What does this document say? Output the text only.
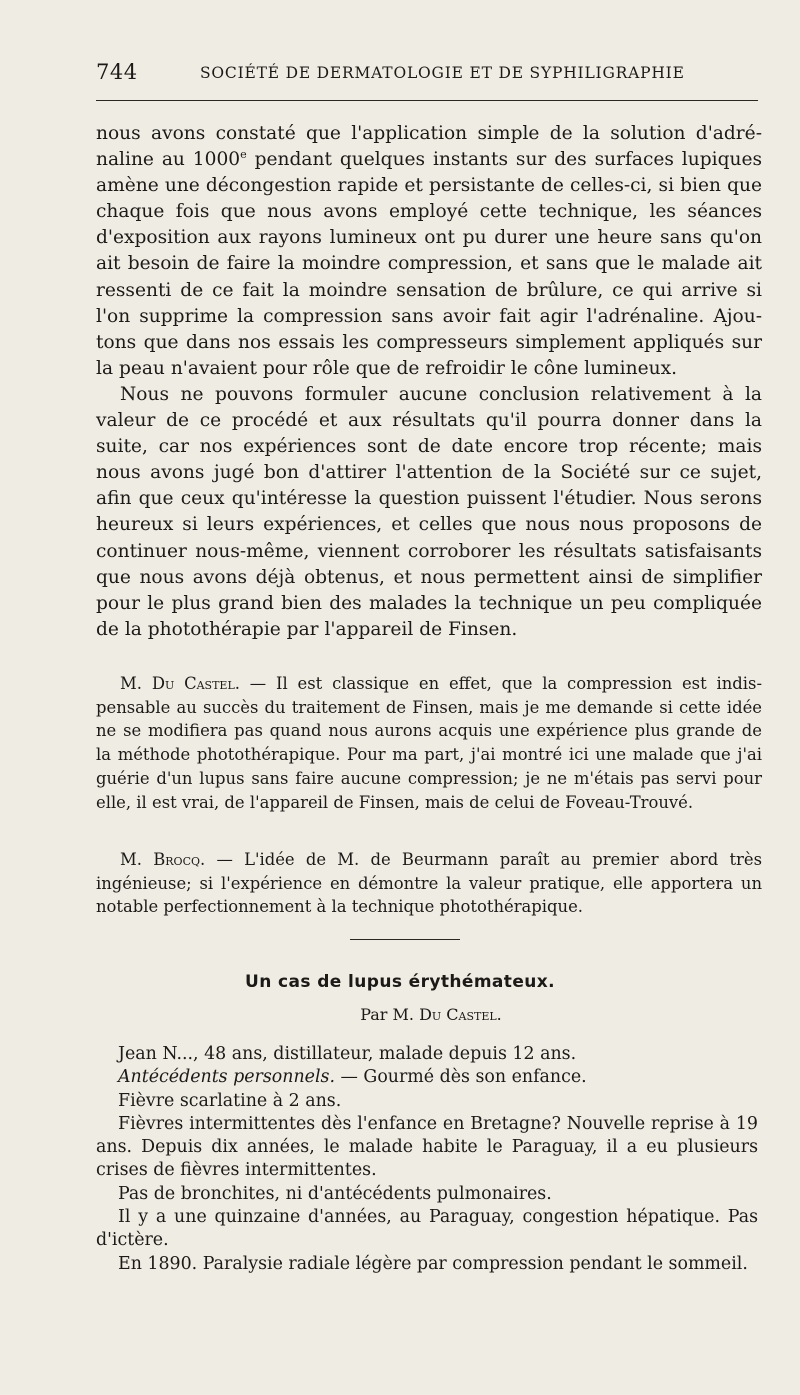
744	SOCIÉTÉ DE DERMATOLOGIE ET DE SYPHILIGRAPHIE

nous avons constaté que l'application simple de la solution d'adrénaline au 1000e pendant quelques instants sur des surfaces lupiques amène une décongestion rapide et persistante de celles-ci, si bien que chaque fois que nous avons employé cette technique, les séances d'exposition aux rayons lumineux ont pu durer une heure sans qu'on ait besoin de faire la moindre compression, et sans que le malade ait ressenti de ce fait la moindre sensation de brûlure, ce qui arrive si l'on supprime la compression sans avoir fait agir l'adrénaline. Ajoutons que dans nos essais les compresseurs simplement appliqués sur la peau n'avaient pour rôle que de refroidir le cône lumineux.

Nous ne pouvons formuler aucune conclusion relativement à la valeur de ce procédé et aux résultats qu'il pourra donner dans la suite, car nos expériences sont de date encore trop récente; mais nous avons jugé bon d'attirer l'attention de la Société sur ce sujet, afin que ceux qu'intéresse la question puissent l'étudier. Nous serons heureux si leurs expériences, et celles que nous nous proposons de continuer nous-même, viennent corroborer les résultats satisfaisants que nous avons déjà obtenus, et nous permettent ainsi de simplifier pour le plus grand bien des malades la technique un peu compliquée de la photothérapie par l'appareil de Finsen.

M. Du Castel. — Il est classique en effet, que la compression est indispensable au succès du traitement de Finsen, mais je me demande si cette idée ne se modifiera pas quand nous aurons acquis une expérience plus grande de la méthode photothérapique. Pour ma part, j'ai montré ici une malade que j'ai guérie d'un lupus sans faire aucune compression; je ne m'étais pas servi pour elle, il est vrai, de l'appareil de Finsen, mais de celui de Foveau-Trouvé.

M. Brocq. — L'idée de M. de Beurmann paraît au premier abord très ingénieuse; si l'expérience en démontre la valeur pratique, elle apportera un notable perfectionnement à la technique photothérapique.

Un cas de lupus érythémateux.
Par M. Du Castel.

Jean N..., 48 ans, distillateur, malade depuis 12 ans.

Antécédents personnels. — Gourmé dès son enfance.

Fièvre scarlatine à 2 ans.

Fièvres intermittentes dès l'enfance en Bretagne? Nouvelle reprise à 19 ans. Depuis dix années, le malade habite le Paraguay, il a eu plusieurs crises de fièvres intermittentes.

Pas de bronchites, ni d'antécédents pulmonaires.

Il y a une quinzaine d'années, au Paraguay, congestion hépatique. Pas d'ictère.

En 1890. Paralysie radiale légère par compression pendant le sommeil.
